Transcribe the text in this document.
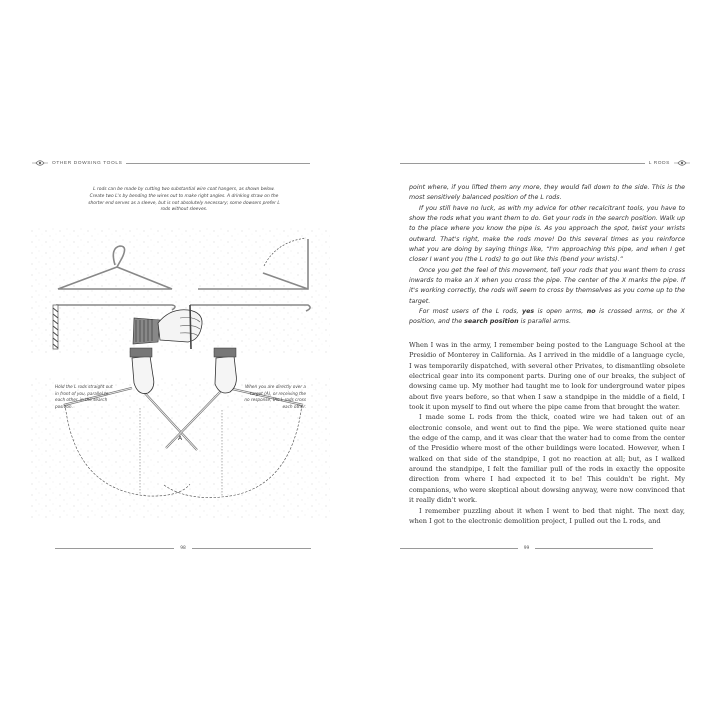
OTHER DOWSING TOOLS
L rods can be made by cutting two substantial wire coat hangers, as shown below. Create two L's by bending the wires out to make right angles. A drinking straw on the shorter end serves as a sleeve, but is not absolutely necessary; some dowsers prefer L rods without sleeves.
A
Hold the L rods straight out in front of you, parallel to each other, in the search position.
When you are directly over a target (A), or receiving the no response, the L rods cross each other.
98
L RODS

point where, if you lifted them any more, they would fall down to the side. This is the most sensitively balanced position of the L rods.

If you still have no luck, as with my advice for other recalcitrant tools, you have to show the rods what you want them to do. Get your rods in the search position. Walk up to the place where you know the pipe is. As you approach the spot, twist your wrists outward. That's right, make the rods move! Do this several times as you reinforce what you are doing by saying things like, “I'm approaching this pipe, and when I get closer I want you (the L rods) to go out like this (bend your wrists).”

Once you get the feel of this movement, tell your rods that you want them to cross inwards to make an X when you cross the pipe. The center of the X marks the pipe. If it's working correctly, the rods will seem to cross by themselves as you come up to the target.

For most users of the L rods, yes is open arms, no is crossed arms, or the X position, and the search position is parallel arms.

When I was in the army, I remember being posted to the Language School at the Presidio of Monterey in California. As I arrived in the middle of a language cycle, I was temporarily dispatched, with several other Privates, to dismantling obsolete electrical gear into its component parts. During one of our breaks, the subject of dowsing came up. My mother had taught me to look for underground water pipes about five years before, so that when I saw a standpipe in the middle of a field, I took it upon myself to find out where the pipe came from that brought the water.

I made some L rods from the thick, coated wire we had taken out of an electronic console, and went out to find the pipe. We were stationed quite near the edge of the camp, and it was clear that the water had to come from the center of the Presidio where most of the other buildings were located. However, when I walked on that side of the standpipe, I got no reaction at all; but, as I walked around the standpipe, I felt the familiar pull of the rods in exactly the opposite direction from where I had expected it to be! This couldn't be right. My companions, who were skeptical about dowsing anyway, were now convinced that it really didn't work.

I remember puzzling about it when I went to bed that night. The next day, when I got to the electronic demolition project, I pulled out the L rods, and

99
